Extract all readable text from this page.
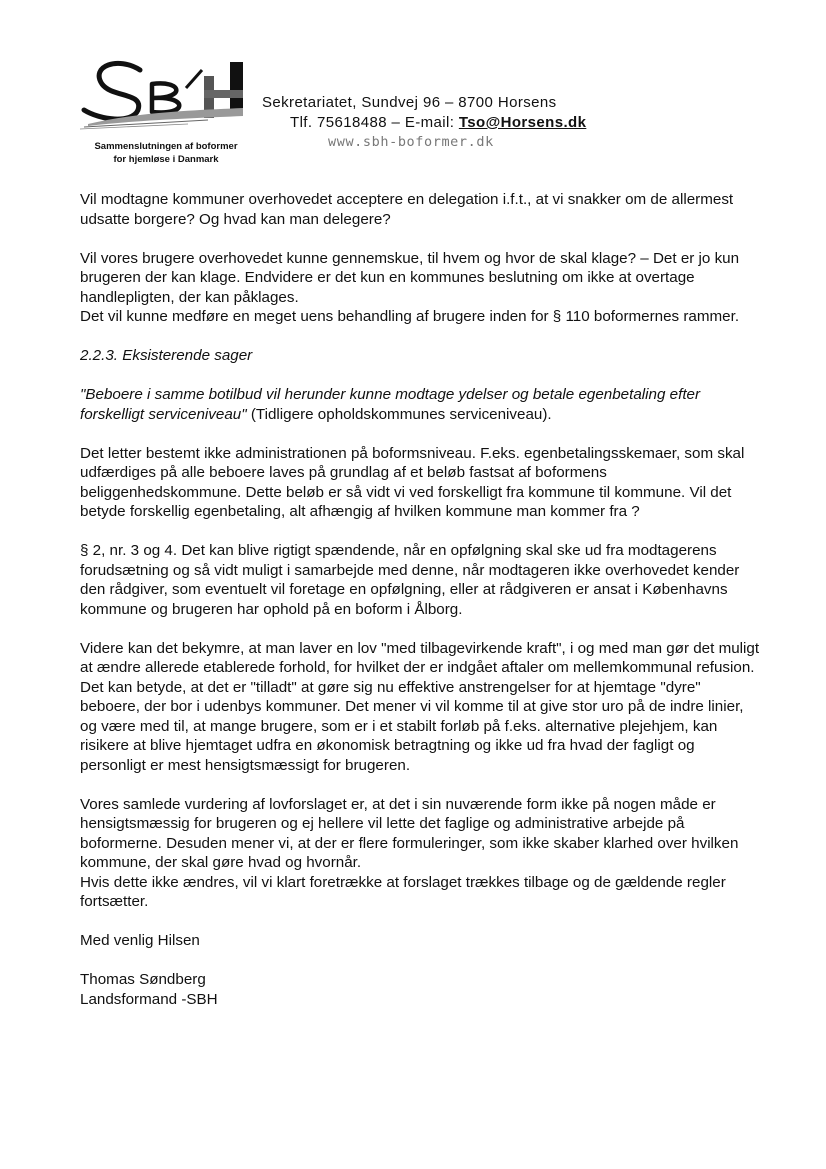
Sammenslutningen af boformer
for hjemløse i Danmark
Sekretariatet, Sundvej 96 – 8700 Horsens
Tlf. 75618488 – E-mail: Tso@Horsens.dk
www.sbh-boformer.dk

Vil modtagne kommuner overhovedet acceptere en delegation i.f.t., at vi snakker om de allermest udsatte borgere? Og hvad kan man delegere?

Vil vores brugere overhovedet kunne gennemskue, til hvem og hvor de skal klage? – Det er jo kun brugeren der kan klage. Endvidere er det kun en kommunes beslutning om ikke at overtage handlepligten, der kan påklages.

Det vil kunne medføre en meget uens behandling af brugere inden for § 110 boformernes rammer.

2.2.3. Eksisterende sager

"Beboere i samme botilbud vil herunder kunne modtage ydelser og betale egenbetaling efter forskelligt serviceniveau" (Tidligere opholdskommunes serviceniveau).

Det letter bestemt ikke administrationen på boformsniveau. F.eks. egenbetalingsskemaer, som skal udfærdiges på alle beboere laves på grundlag af et beløb fastsat af boformens beliggenhedskommune. Dette beløb er så vidt vi ved forskelligt fra kommune til kommune. Vil det betyde forskellig egenbetaling, alt afhængig af hvilken kommune man kommer fra ?

§ 2, nr. 3 og 4. Det kan blive rigtigt spændende, når en opfølgning skal ske ud fra modtagerens forudsætning og så vidt muligt i samarbejde med denne, når modtageren ikke overhovedet kender den rådgiver, som eventuelt vil foretage en opfølgning, eller at rådgiveren er ansat i Københavns kommune og brugeren har ophold på en boform i Ålborg.

Videre kan det bekymre, at man laver en lov "med tilbagevirkende kraft", i og med man gør det muligt at ændre allerede etablerede forhold, for hvilket der er indgået aftaler om mellemkommunal refusion. Det kan betyde, at det er "tilladt" at gøre sig nu effektive anstrengelser for at hjemtage "dyre" beboere, der bor i udenbys kommuner. Det mener vi vil komme til at give stor uro på de indre linier, og være med til, at mange brugere, som er i et stabilt forløb på f.eks. alternative plejehjem, kan risikere at blive hjemtaget udfra en økonomisk betragtning og ikke ud fra hvad der fagligt og personligt er mest hensigtsmæssigt for brugeren.

Vores samlede vurdering af lovforslaget er, at det i sin nuværende form ikke på nogen måde er hensigtsmæssig for brugeren og ej hellere vil lette det faglige og administrative arbejde på boformerne. Desuden mener vi, at der er flere formuleringer, som ikke skaber klarhed over hvilken kommune, der skal gøre hvad og hvornår.

Hvis dette ikke ændres, vil vi klart foretrække at forslaget trækkes tilbage og de gældende regler fortsætter.

Med venlig Hilsen

Thomas Søndberg

Landsformand -SBH
